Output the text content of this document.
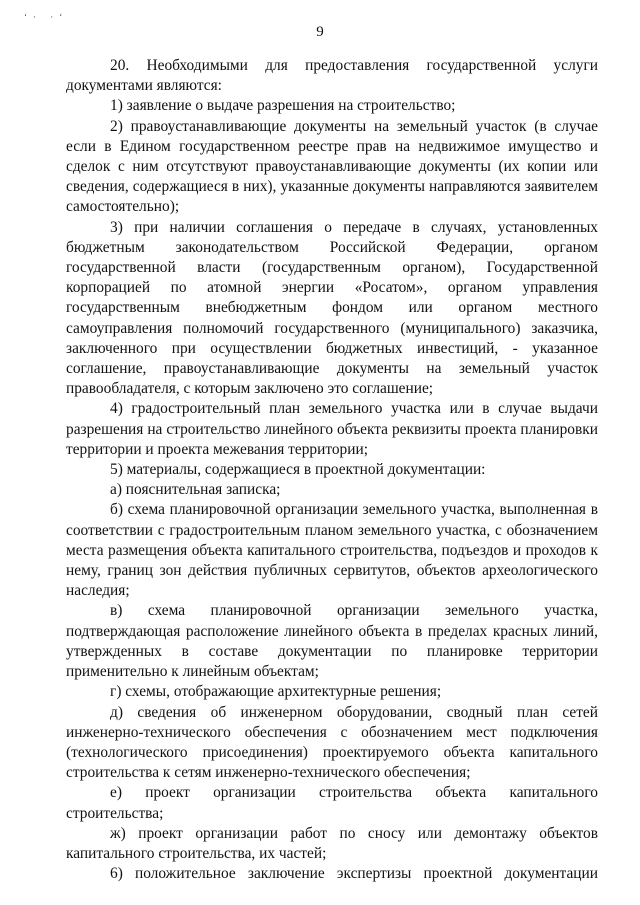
ʻ· ·ʻ
9

20. Необходимыми для предоставления государственной услуги документами являются:

1) заявление о выдаче разрешения на строительство;

2) правоустанавливающие документы на земельный участок (в случае если в Едином государственном реестре прав на недвижимое имущество и сделок с ним отсутствуют правоустанавливающие документы (их копии или сведения, содержащиеся в них), указанные документы направляются заявителем самостоятельно);

3) при наличии соглашения о передаче в случаях, установленных бюджетным законодательством Российской Федерации, органом государственной власти (государственным органом), Государственной корпорацией по атомной энергии «Росатом», органом управления государственным внебюджетным фондом или органом местного самоуправления полномочий государственного (муниципального) заказчика, заключенного при осуществлении бюджетных инвестиций, - указанное соглашение, правоустанавливающие документы на земельный участок правообладателя, с которым заключено это соглашение;

4) градостроительный план земельного участка или в случае выдачи разрешения на строительство линейного объекта реквизиты проекта планировки территории и проекта межевания территории;

5) материалы, содержащиеся в проектной документации:

а) пояснительная записка;

б) схема планировочной организации земельного участка, выполненная в соответствии с градостроительным планом земельного участка, с обозначением места размещения объекта капитального строительства, подъездов и проходов к нему, границ зон действия публичных сервитутов, объектов археологического наследия;

в) схема планировочной организации земельного участка, подтверждающая расположение линейного объекта в пределах красных линий, утвержденных в составе документации по планировке территории применительно к линейным объектам;

г) схемы, отображающие архитектурные решения;

д) сведения об инженерном оборудовании, сводный план сетей инженерно-технического обеспечения с обозначением мест подключения (технологического присоединения) проектируемого объекта капитального строительства к сетям инженерно-технического обеспечения;

е) проект организации строительства объекта капитального строительства;

ж) проект организации работ по сносу или демонтажу объектов капитального строительства, их частей;

6) положительное заключение экспертизы проектной документации
